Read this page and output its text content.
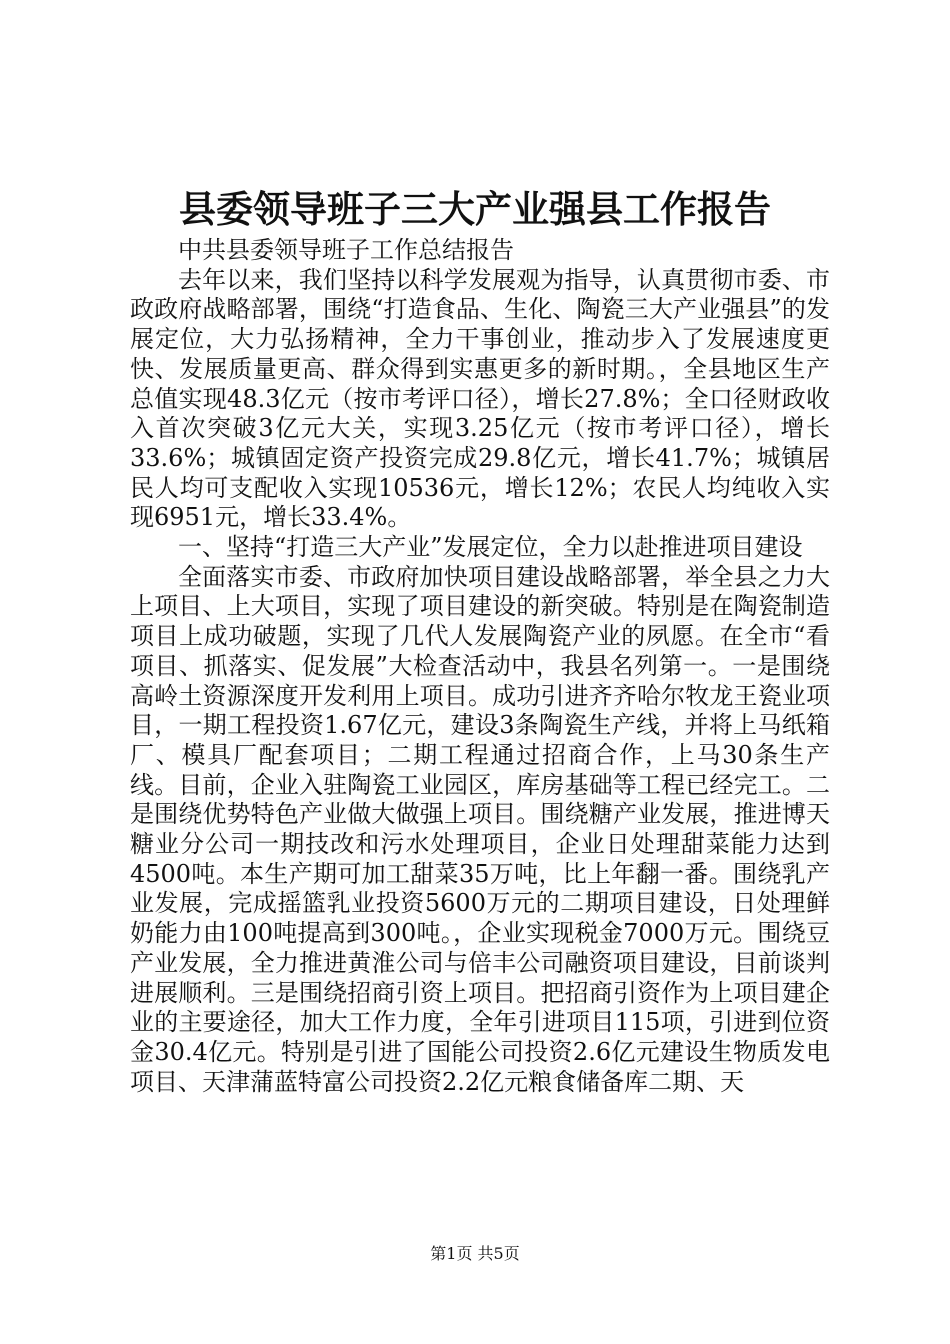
县委领导班子三大产业强县工作报告

中共县委领导班子工作总结报告

去年以来，我们坚持以科学发展观为指导，认真贯彻市委、市政政府战略部署，围绕“打造食品、生化、陶瓷三大产业强县”的发展定位，大力弘扬精神，全力干事创业，推动步入了发展速度更快、发展质量更高、群众得到实惠更多的新时期。，全县地区生产总值实现48.3亿元（按市考评口径），增长27.8%；全口径财政收入首次突破3亿元大关，实现3.25亿元（按市考评口径），增长33.6%；城镇固定资产投资完成29.8亿元，增长41.7%；城镇居民人均可支配收入实现10536元，增长12%；农民人均纯收入实现6951元，增长33.4%。

一、坚持“打造三大产业”发展定位，全力以赴推进项目建设

全面落实市委、市政府加快项目建设战略部署，举全县之力大上项目、上大项目，实现了项目建设的新突破。特别是在陶瓷制造项目上成功破题，实现了几代人发展陶瓷产业的夙愿。在全市“看项目、抓落实、促发展”大检查活动中，我县名列第一。一是围绕高岭土资源深度开发利用上项目。成功引进齐齐哈尔牧龙王瓷业项目，一期工程投资1.67亿元，建设3条陶瓷生产线，并将上马纸箱厂、模具厂配套项目；二期工程通过招商合作，上马30条生产线。目前，企业入驻陶瓷工业园区，库房基础等工程已经完工。二是围绕优势特色产业做大做强上项目。围绕糖产业发展，推进博天糖业分公司一期技改和污水处理项目，企业日处理甜菜能力达到4500吨。本生产期可加工甜菜35万吨，比上年翻一番。围绕乳产业发展，完成摇篮乳业投资5600万元的二期项目建设，日处理鲜奶能力由100吨提高到300吨。，企业实现税金7000万元。围绕豆产业发展，全力推进黄淮公司与倍丰公司融资项目建设，目前谈判进展顺利。三是围绕招商引资上项目。把招商引资作为上项目建企业的主要途径，加大工作力度，全年引进项目115项，引进到位资金30.4亿元。特别是引进了国能公司投资2.6亿元建设生物质发电项目、天津蒲蓝特富公司投资2.2亿元粮食储备库二期、天

第1页 共5页
